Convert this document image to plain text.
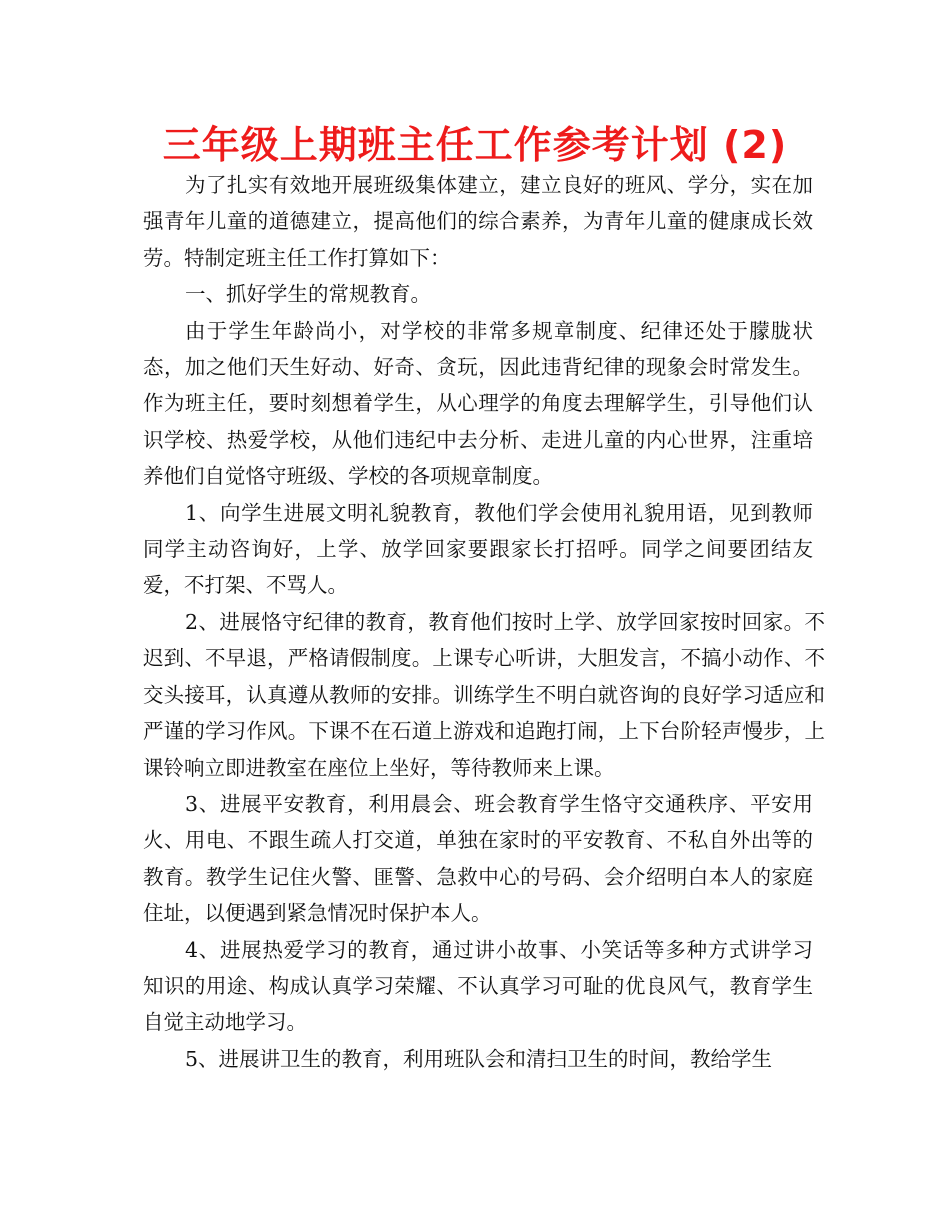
三年级上期班主任工作参考计划 (2)

为了扎实有效地开展班级集体建立，建立良好的班风、学分，实在加强青年儿童的道德建立，提高他们的综合素养，为青年儿童的健康成长效劳。特制定班主任工作打算如下：

一、抓好学生的常规教育。

由于学生年龄尚小，对学校的非常多规章制度、纪律还处于朦胧状态，加之他们天生好动、好奇、贪玩，因此违背纪律的现象会时常发生。作为班主任，要时刻想着学生，从心理学的角度去理解学生，引导他们认识学校、热爱学校，从他们违纪中去分析、走进儿童的内心世界，注重培养他们自觉恪守班级、学校的各项规章制度。

1、向学生进展文明礼貌教育，教他们学会使用礼貌用语，见到教师同学主动咨询好，上学、放学回家要跟家长打招呼。同学之间要团结友爱，不打架、不骂人。

2、进展恪守纪律的教育，教育他们按时上学、放学回家按时回家。不迟到、不早退，严格请假制度。上课专心听讲，大胆发言，不搞小动作、不交头接耳，认真遵从教师的安排。训练学生不明白就咨询的良好学习适应和严谨的学习作风。下课不在石道上游戏和追跑打闹，上下台阶轻声慢步，上课铃响立即进教室在座位上坐好，等待教师来上课。

3、进展平安教育，利用晨会、班会教育学生恪守交通秩序、平安用火、用电、不跟生疏人打交道，单独在家时的平安教育、不私自外出等的教育。教学生记住火警、匪警、急救中心的号码、会介绍明白本人的家庭住址，以便遇到紧急情况时保护本人。

4、进展热爱学习的教育，通过讲小故事、小笑话等多种方式讲学习知识的用途、构成认真学习荣耀、不认真学习可耻的优良风气，教育学生自觉主动地学习。

5、进展讲卫生的教育，利用班队会和清扫卫生的时间，教给学生
